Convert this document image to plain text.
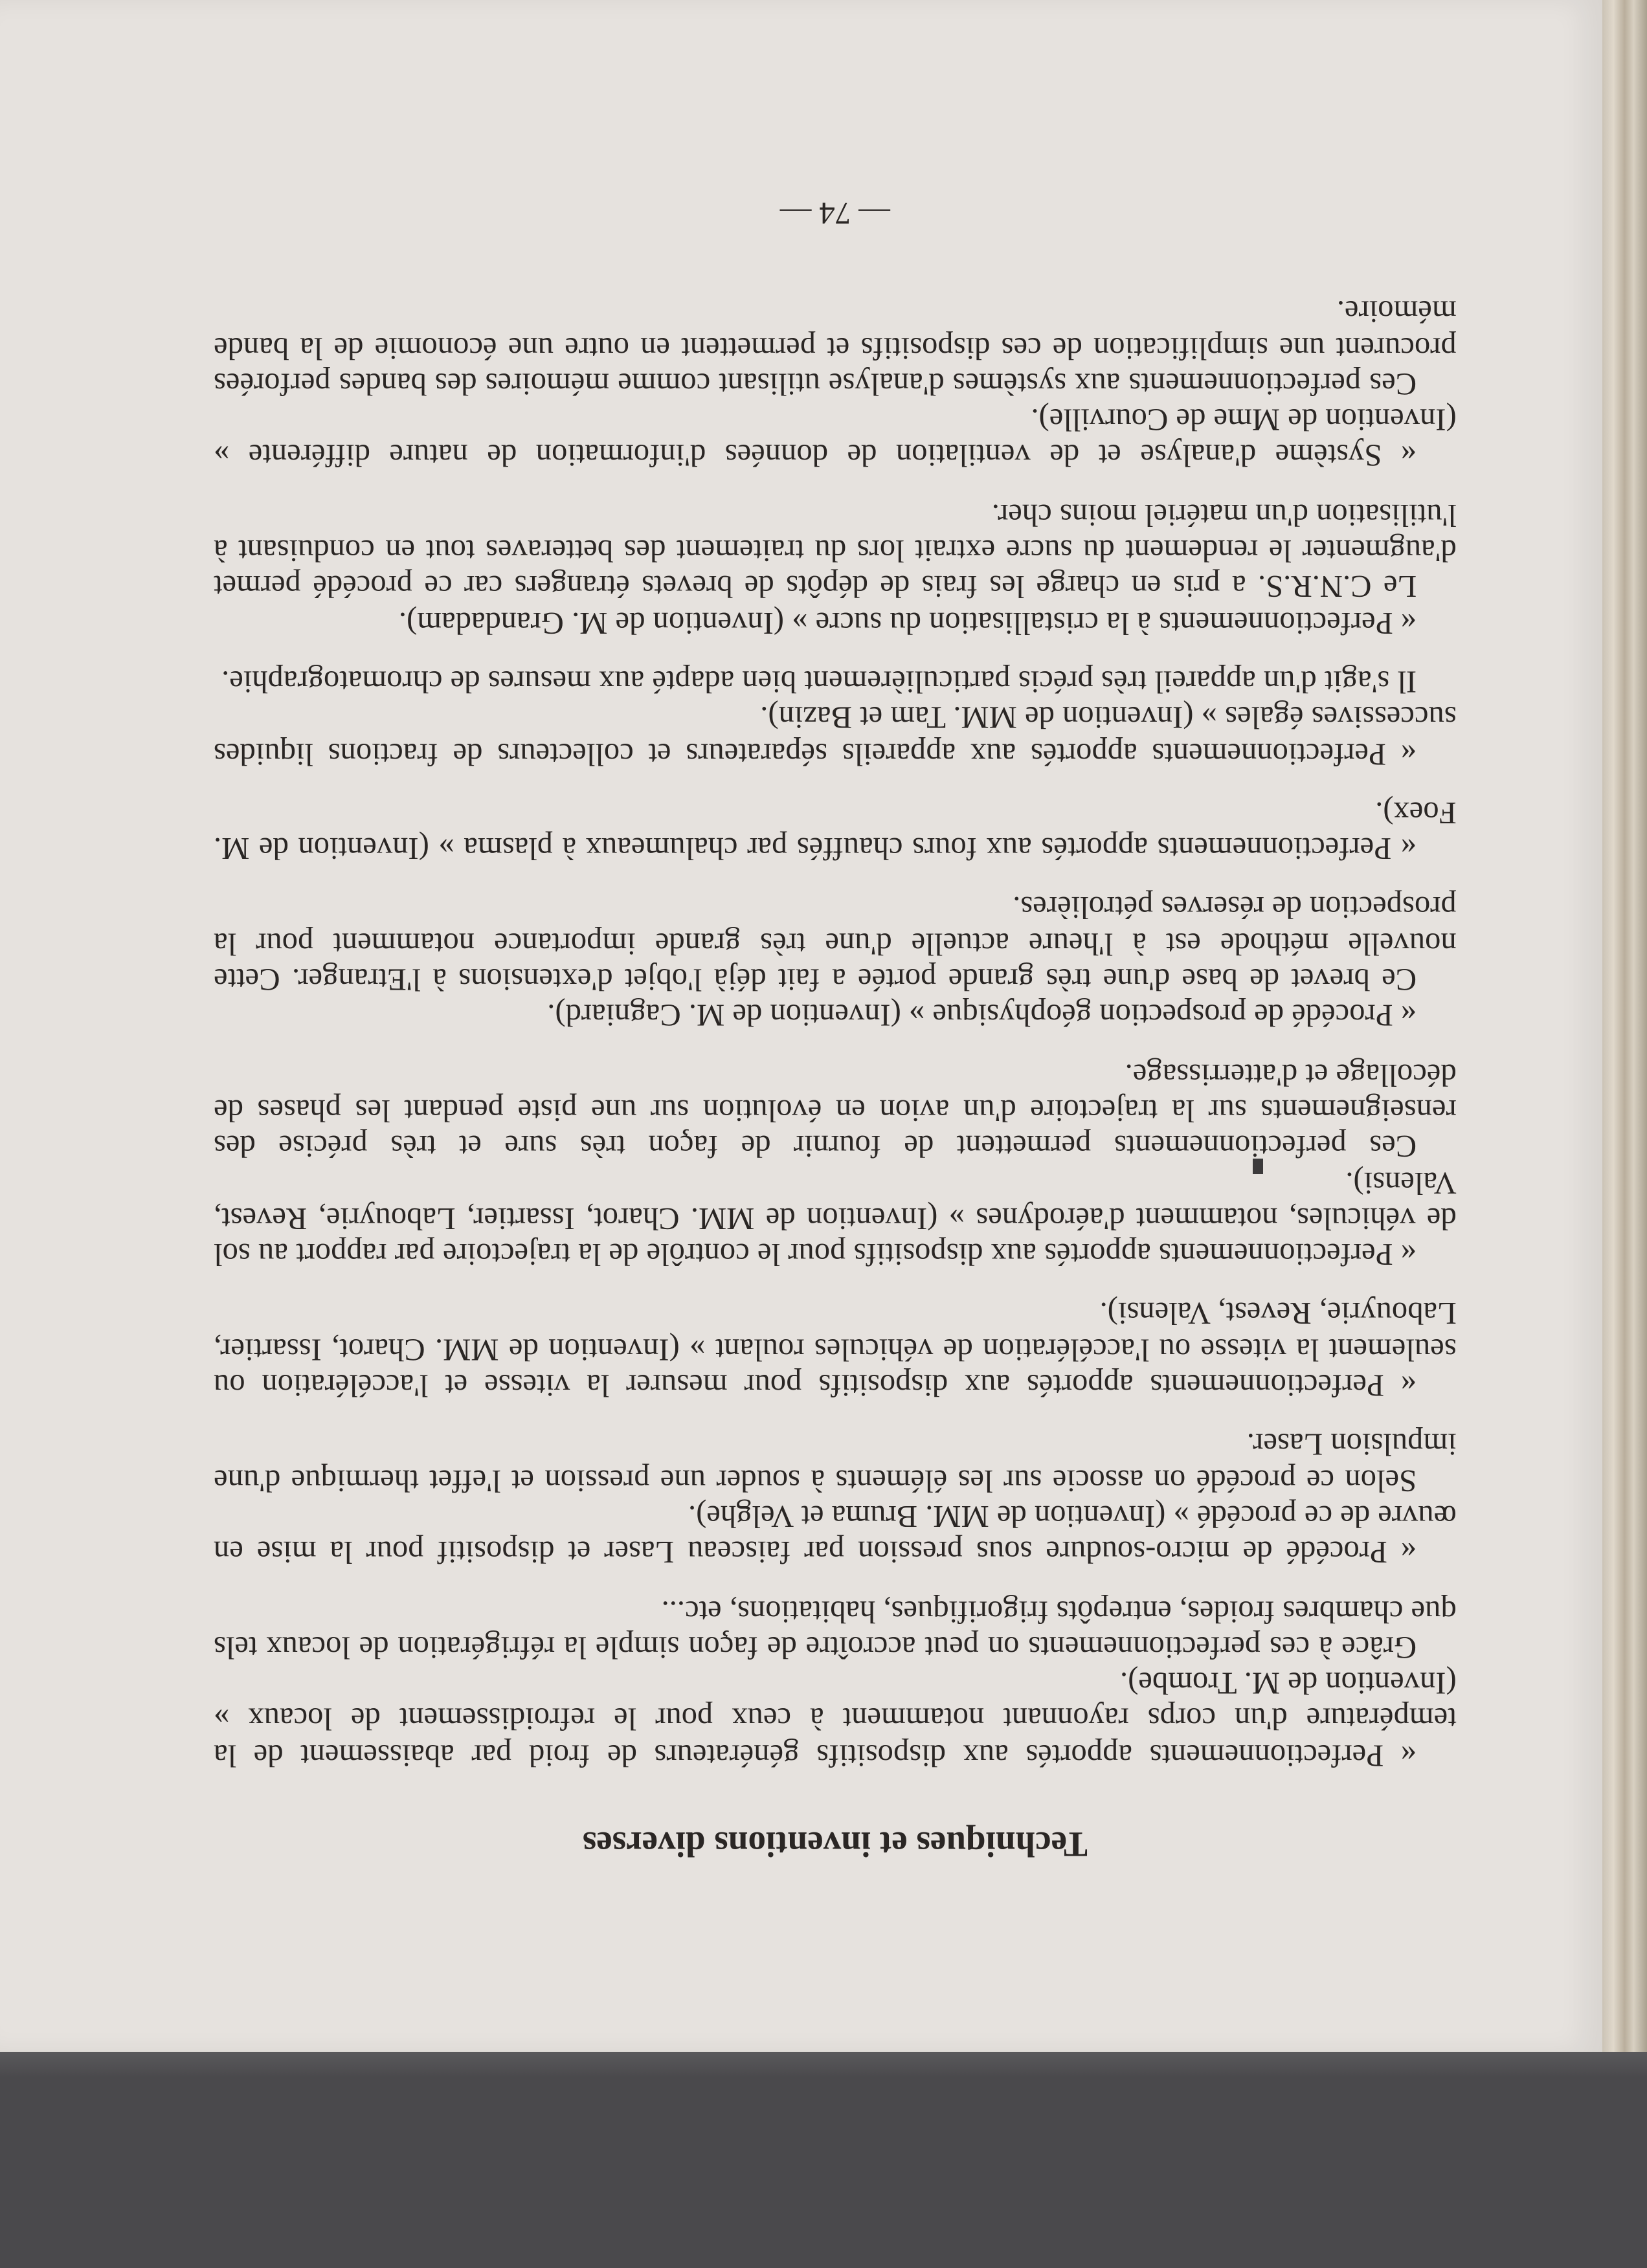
Techniques et inventions diverses

« Perfectionnements apportés aux dispositifs générateurs de froid par abaissement de la température d'un corps rayonnant notamment à ceux pour le refroidissement de locaux » (Invention de M. Trombe).

Grâce à ces perfectionnements on peut accroître de façon simple la réfrigération de locaux tels que chambres froides, entrepôts frigorifiques, habitations, etc...

« Procédé de micro-soudure sous pression par faisceau Laser et dispositif pour la mise en œuvre de ce procédé » (Invention de MM. Bruma et Velghe).

Selon ce procédé on associe sur les éléments à souder une pression et l'effet thermique d'une impulsion Laser.

« Perfectionnements apportés aux dispositifs pour mesurer la vitesse et l'accélération ou seulement la vitesse ou l'accélération de véhicules roulant » (Invention de MM. Charot, Issartier, Labouyrie, Revest, Valensi).

« Perfectionnements apportés aux dispositifs pour le contrôle de la trajectoire par rapport au sol de véhicules, notamment d'aérodynes » (Invention de MM. Charot, Issartier, Labouyrie, Revest, Valensi).

Ces perfectionnements permettent de fournir de façon très sure et très précise des renseignements sur la trajectoire d'un avion en évolution sur une piste pendant les phases de décollage et d'atterrissage.

« Procédé de prospection géophysique » (Invention de M. Cagniard).

Ce brevet de base d'une très grande portée a fait déjà l'objet d'extensions à l'Etranger. Cette nouvelle méthode est à l'heure actuelle d'une très grande importance notamment pour la prospection de réserves pétrolières.

« Perfectionnements apportés aux fours chauffés par chalumeaux à plasma » (Invention de M. Foex).

« Perfectionnements apportés aux appareils séparateurs et collecteurs de fractions liquides successives égales » (Invention de MM. Tam et Bazin).

Il s'agit d'un appareil très précis particulièrement bien adapté aux mesures de chromatographie.

« Perfectionnements à la cristallisation du sucre » (Invention de M. Grandadam).

Le C.N.R.S. a pris en charge les frais de dépôts de brevets étrangers car ce procédé permet d'augmenter le rendement du sucre extrait lors du traitement des betteraves tout en conduisant à l'utilisation d'un matériel moins cher.

« Système d'analyse et de ventilation de données d'information de nature différente » (Invention de Mme de Courville).

Ces perfectionnements aux systèmes d'analyse utilisant comme mémoires des bandes perforées procurent une simplification de ces dispositifs et permettent en outre une économie de la bande mémoire.

— 74 —
